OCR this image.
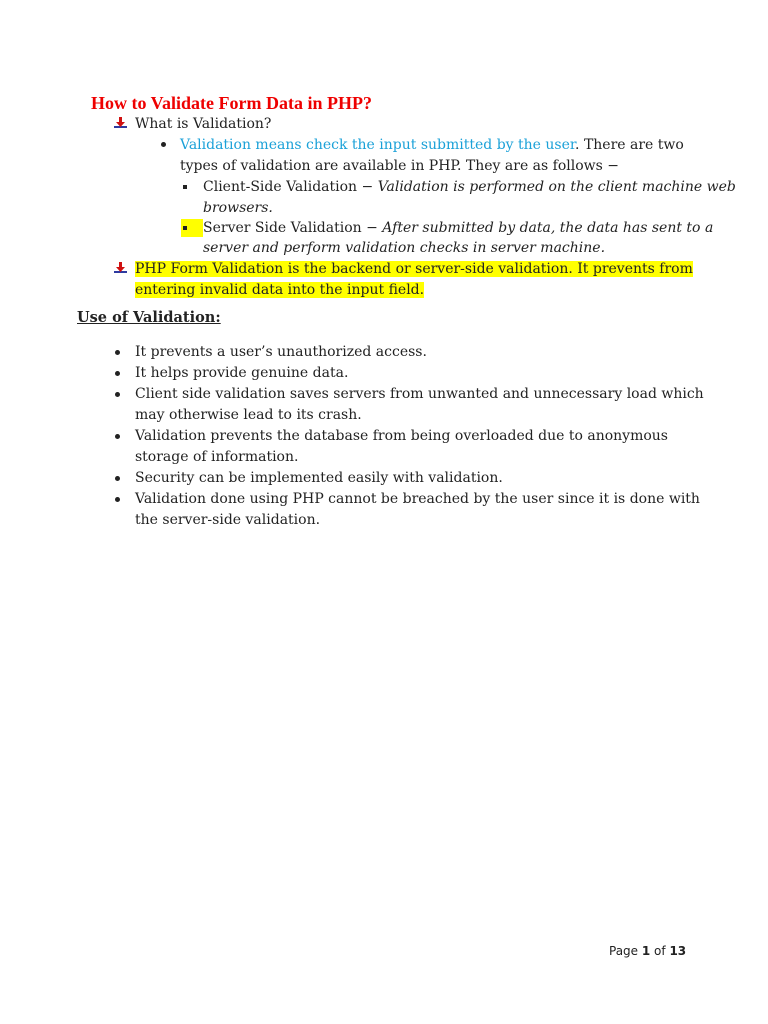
How to Validate Form Data in PHP?
What is Validation?
Validation means check the input submitted by the user. There are two
types of validation are available in PHP. They are as follows −
Client-Side Validation − Validation is performed on the client machine web
browsers.
Server Side Validation − After submitted by data, the data has sent to a
server and perform validation checks in server machine.
PHP Form Validation is the backend or server-side validation. It prevents from
entering invalid data into the input field.
Use of Validation:
It prevents a user’s unauthorized access.
It helps provide genuine data.
Client side validation saves servers from unwanted and unnecessary load which
may otherwise lead to its crash.
Validation prevents the database from being overloaded due to anonymous
storage of information.
Security can be implemented easily with validation.
Validation done using PHP cannot be breached by the user since it is done with
the server-side validation.
Page 1 of 13
